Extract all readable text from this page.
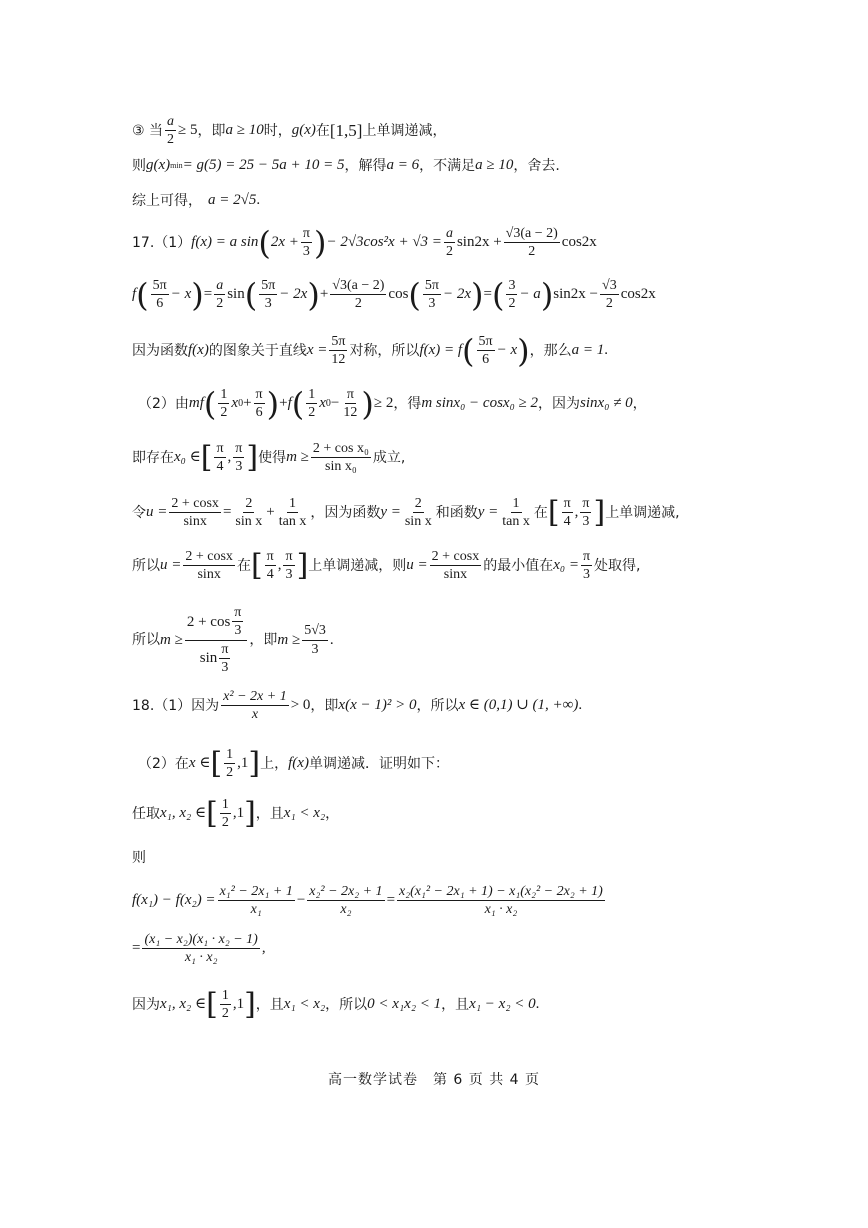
③ 当 $\frac{a}{2} \ge 5$ ，即 a ≥ 10 时， g(x) 在 [1,5] 上单调递减，
则 g(x) min = g(5) = 25 − 5a + 10 = 5 ，解得 a = 6 ，不满足 a ≥ 10 ，舍去.
综上可得， a = 2√5 .
17.（1） f(x) = a sin ( $2x + \frac{\pi}{3}$ ) − $2√3\cos^2x + √3 = \frac{a}{2} \sin 2x + \frac{√3(a - 2)}{2} \cos 2x$
f ( $\frac{5\pi}{6} - x$ ) = $\frac{a}{2}$ sin ( $\frac{5\pi}{3} - 2x$ ) + $\frac{√3(a - 2)}{2}$ cos ( $\frac{5\pi}{3} - 2x$ ) = ( $\frac{3}{2} - a$ ) $\sin 2x - \frac{√3}{2} \cos 2x$
因为函数 f(x) 的图象关于直线 $x = \frac{5\pi}{12}$ 对称，所以 f(x) = f ( $\frac{5\pi}{6} - x$ ) ，那么 a = 1 .
（2）由 mf ( $\frac{1}{2}$ x $0 + \frac{\pi}{6}$ ) + f ( $\frac{1}{2}$ x $0 - \frac{\pi}{12}$ ) ≥ 2 ，得 m sinx₀ − cosx₀ ≥ 2 ，因为 sinx₀ ≠ 0 ，
即存在 x₀ ∈ [ $\frac{\pi}{4}$ , $\frac{\pi}{3}$ ] 使得 $m \ge \frac{\text{2 + cos x₀}}{\text{sin x₀}}$ 成立,
令 $u = \frac{2 + \cos x}{\sin x} = \frac{2}{\text{sin x}} + \frac{1}{\text{tan x}}$ ，因为函数 $y = \frac{2}{\text{sin x}}$ 和函数 $y = \frac{1}{\text{tan x}}$ 在 [ $\frac{\pi}{4}$ , $\frac{\pi}{3}$ ] 上单调递减,
所以 $u = \frac{2 + \cos x}{\sin x}$ 在 [ $\frac{\pi}{4}$ , $\frac{\pi}{3}$ ] 上单调递减，则 $u = \frac{2 + \cos x}{\sin x}$ 的最小值在 $x_0 = \frac{\pi}{3}$ 处取得,
所以 $m \ge \frac{2 + \cos \frac{\pi}{3}}{\sin \frac{\pi}{3}}$ ，即 $m \ge \frac{5√3}{3}$ .
18.（1）因为 $\frac{\text{x² − 2x + 1}}{x} > 0$ ，即 x(x − 1)² > 0 ，所以 x ∈ (0,1) ∪ (1, +∞) .
（2）在 x ∈ [ $\frac{1}{2} ,1$ ] 上， f(x) 单调递减．证明如下：
任取 x₁, x₂ ∈ [ $\frac{1}{2} ,1$ ] ，且 x₁ < x₂ ，
则
$f(x_1) - f(x_2) = \frac{\text{x₁² − 2x₁ + 1}}{\text{x₁}} - \frac{\text{x₂² − 2x₂ + 1}}{\text{x₂}} = \frac{\text{x₂(x₁² − 2x₁ + 1) − x₁(x₂² − 2x₂ + 1)}}{\text{x₁ · x₂}}$
= $\frac{\text{(x₁ − x₂)(x₁ · x₂ − 1)}}{\text{x₁ · x₂}}$ ,
因为 x₁, x₂ ∈ [ $\frac{1}{2} ,1$ ] ，且 x₁ < x₂ ，所以 0 < x₁x₂ < 1 ，且 x₁ − x₂ < 0 .
高一数学试卷　第 6 页 共 4 页
